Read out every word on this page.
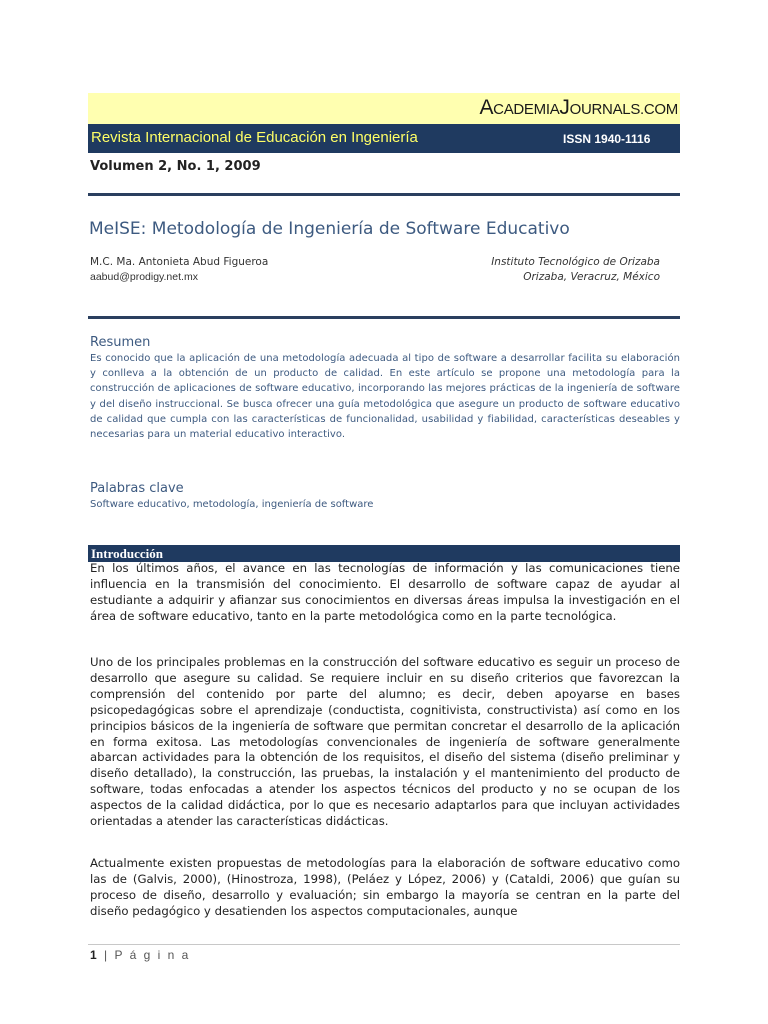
ACADEMIAJOURNALS.COM
Revista Internacional de Educación en Ingeniería	ISSN 1940-1116
Volumen 2, No. 1, 2009
MeISE: Metodología de Ingeniería de Software Educativo
M.C. Ma. Antonieta Abud Figueroa
aabud@prodigy.net.mx
Instituto Tecnológico de Orizaba
Orizaba, Veracruz, México
Resumen
Es conocido que la aplicación de una metodología adecuada al tipo de software a desarrollar facilita su elaboración y conlleva a la obtención de un producto de calidad. En este artículo se propone una metodología para la construcción de aplicaciones de software educativo, incorporando las mejores prácticas de la ingeniería de software y del diseño instruccional. Se busca ofrecer una guía metodológica que asegure un producto de software educativo de calidad que cumpla con las características de funcionalidad, usabilidad y fiabilidad, características deseables y necesarias para un material educativo interactivo.
Palabras clave
Software educativo, metodología, ingeniería de software
Introducción
En los últimos años, el avance en las tecnologías de información y las comunicaciones tiene influencia en la transmisión del conocimiento. El desarrollo de software capaz de ayudar al estudiante a adquirir y afianzar sus conocimientos en diversas áreas impulsa la investigación en el área de software educativo, tanto en la parte metodológica como en la parte tecnológica.
Uno de los principales problemas en la construcción del software educativo es seguir un proceso de desarrollo que asegure su calidad. Se requiere incluir en su diseño criterios que favorezcan la comprensión del contenido por parte del alumno; es decir, deben apoyarse en bases psicopedagógicas sobre el aprendizaje (conductista, cognitivista, constructivista) así como en los principios básicos de la ingeniería de software que permitan concretar el desarrollo de la aplicación en forma exitosa. Las metodologías convencionales de ingeniería de software generalmente abarcan actividades para la obtención de los requisitos, el diseño del sistema (diseño preliminar y diseño detallado), la construcción, las pruebas, la instalación y el mantenimiento del producto de software, todas enfocadas a atender los aspectos técnicos del producto y no se ocupan de los aspectos de la calidad didáctica, por lo que es necesario adaptarlos para que incluyan actividades orientadas a atender las características didácticas.
Actualmente existen propuestas de metodologías para la elaboración de software educativo como las de (Galvis, 2000), (Hinostroza, 1998), (Peláez y López, 2006) y (Cataldi, 2006) que guían su proceso de diseño, desarrollo y evaluación; sin embargo la mayoría se centran en la parte del diseño pedagógico y desatienden los aspectos computacionales, aunque
1 | P á g i n a
